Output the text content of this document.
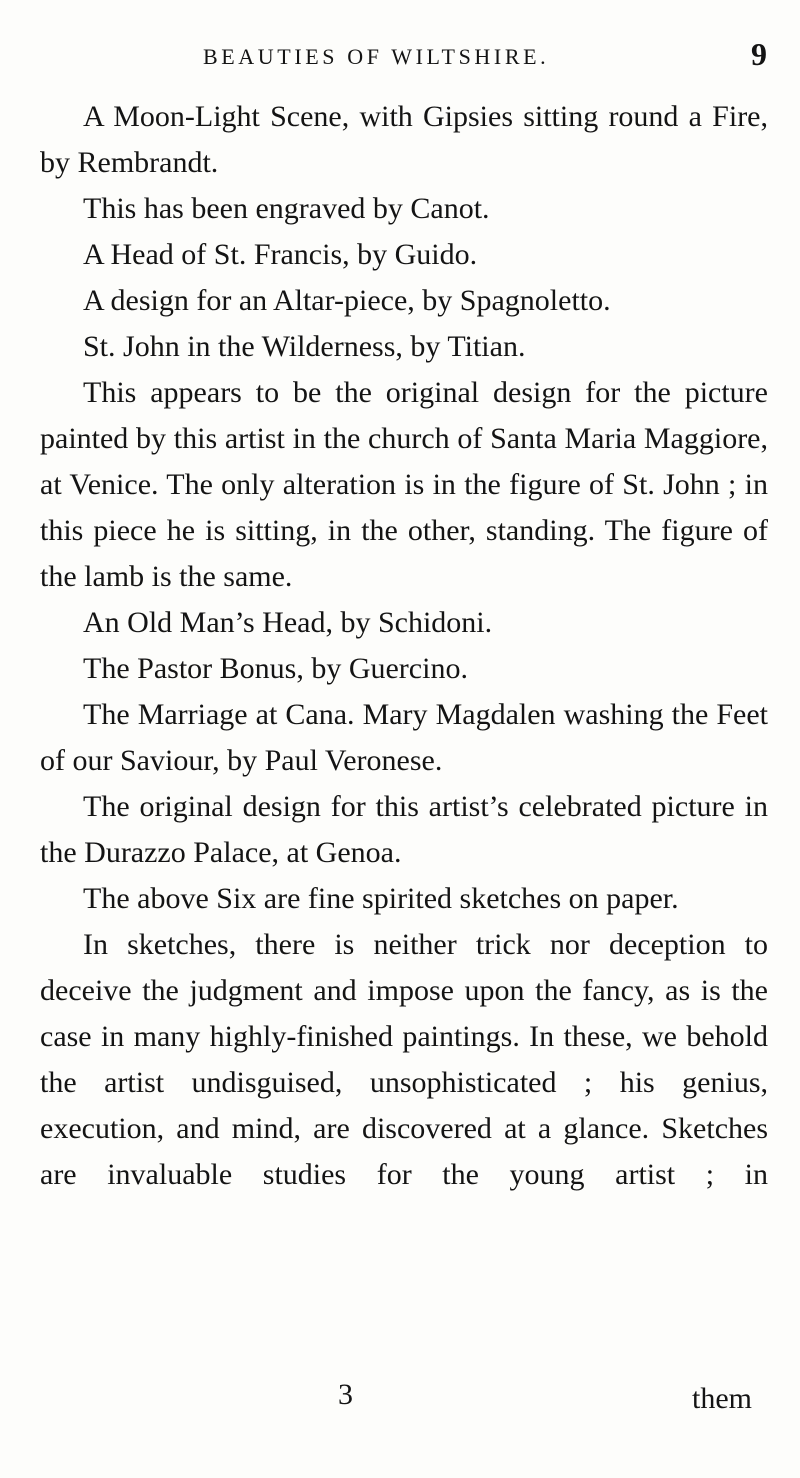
BEAUTIES OF WILTSHIRE.	9

A Moon-Light Scene, with Gipsies sitting round a Fire, by Rembrandt.

This has been engraved by Canot.

A Head of St. Francis, by Guido.

A design for an Altar-piece, by Spagnoletto.

St. John in the Wilderness, by Titian.

This appears to be the original design for the picture painted by this artist in the church of Santa Maria Maggiore, at Venice. The only alteration is in the figure of St. John ; in this piece he is sitting, in the other, standing. The figure of the lamb is the same.

An Old Man’s Head, by Schidoni.

The Pastor Bonus, by Guercino.

The Marriage at Cana. Mary Magdalen washing the Feet of our Saviour, by Paul Veronese.

The original design for this artist’s celebrated picture in the Durazzo Palace, at Genoa.

The above Six are fine spirited sketches on paper.

In sketches, there is neither trick nor deception to deceive the judgment and impose upon the fancy, as is the case in many highly-finished paintings. In these, we behold the artist undisguised, unsophisticated ; his genius, execution, and mind, are discovered at a glance. Sketches are invaluable studies for the young artist ; in

3	them
